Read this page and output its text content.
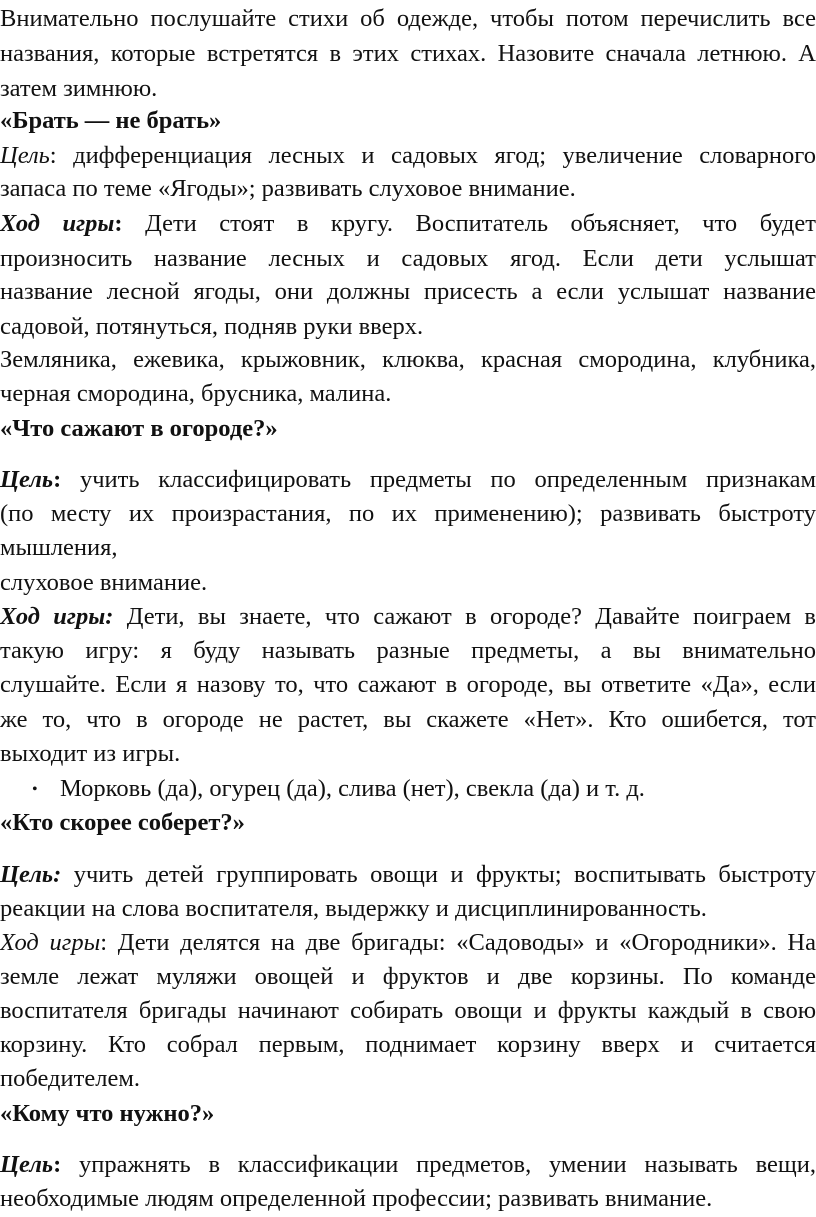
Внимательно послушайте стихи об одежде, чтобы потом перечислить все
названия, которые встретятся в этих стихах. Назовите сначала летнюю. А
затем зимнюю.
«Брать — не брать»
Цель: дифференциация лесных и садовых ягод; увеличение словарного
запаса по теме «Ягоды»; развивать слуховое внимание.
Ход игры: Дети стоят в кругу. Воспитатель объясняет, что будет
произносить название лесных и садовых ягод. Если дети услышат
название лесной ягоды, они должны присесть а если услышат название
садовой, потянуться, подняв руки вверх.
Земляника, ежевика, крыжовник, клюква, красная смородина, клубника,
черная смородина, брусника, малина.
«Что сажают в огороде?»
Цель: учить классифицировать предметы по определенным признакам
(по месту их произрастания, по их применению); развивать быстроту
мышления,
слуховое внимание.
Ход игры: Дети, вы знаете, что сажают в огороде? Давайте поиграем в
такую игру: я буду называть разные предметы, а вы внимательно
слушайте. Если я назову то, что сажают в огороде, вы ответите «Да», если
же то, что в огороде не растет, вы скажете «Нет». Кто ошибется, тот
выходит из игры.
• Морковь (да), огурец (да), слива (нет), свекла (да) и т. д.
«Кто скорее соберет?»
Цель: учить детей группировать овощи и фрукты; воспитывать быстроту
реакции на слова воспитателя, выдержку и дисциплинированность.
Ход игры: Дети делятся на две бригады: «Садоводы» и «Огородники». На
земле лежат муляжи овощей и фруктов и две корзины. По команде
воспитателя бригады начинают собирать овощи и фрукты каждый в свою
корзину. Кто собрал первым, поднимает корзину вверх и считается
победителем.
«Кому что нужно?»
Цель: упражнять в классификации предметов, умении называть вещи,
необходимые людям определенной профессии; развивать внимание.
